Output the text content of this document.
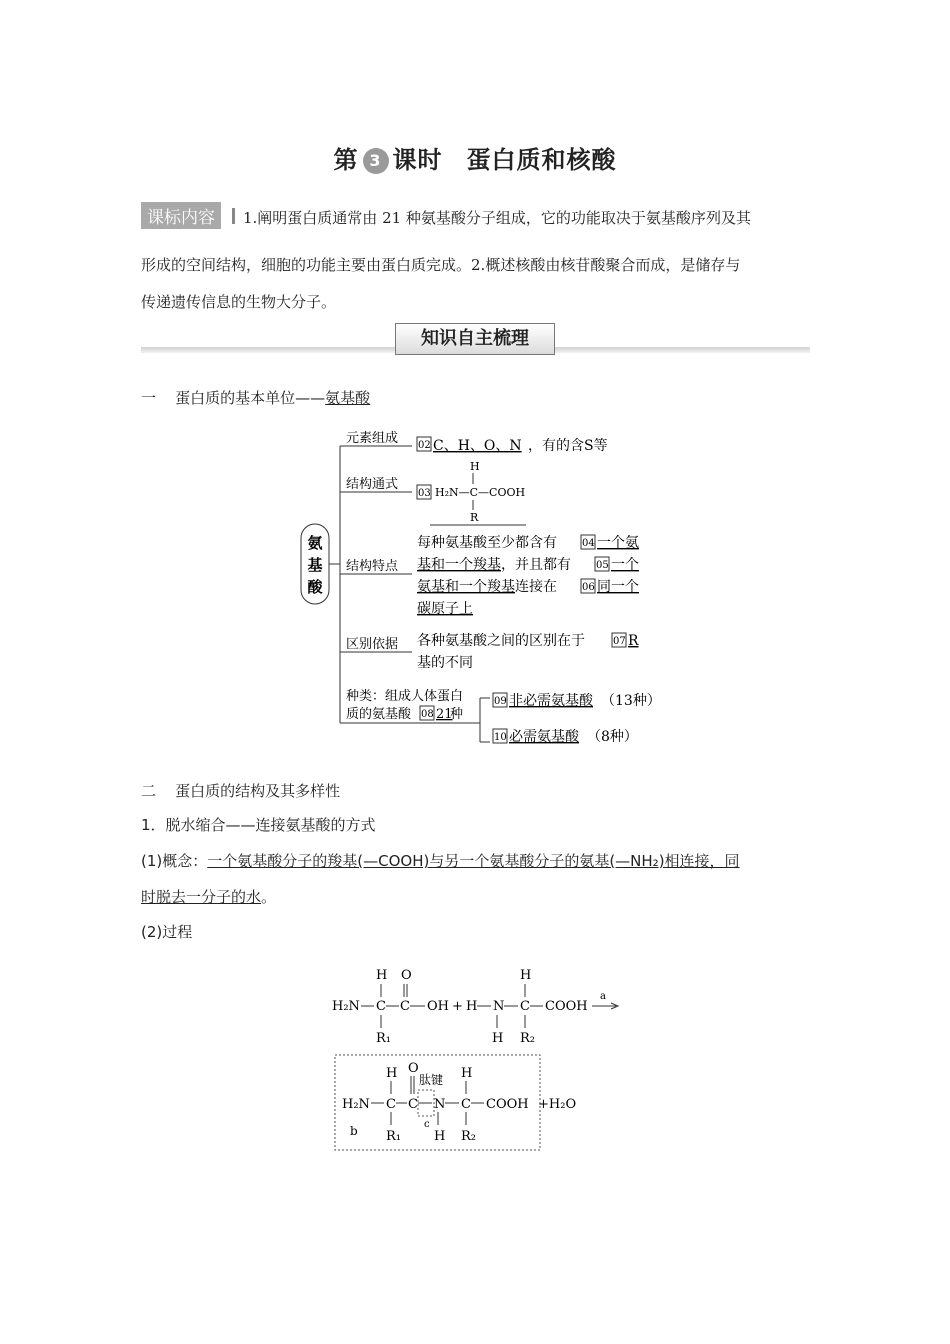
第 3 课时 蛋白质和核酸
课标内容	1.阐明蛋白质通常由 21 种氨基酸分子组成，它的功能取决于氨基酸序列及其
形成的空间结构，细胞的功能主要由蛋白质完成。2.概述核酸由核苷酸聚合而成，是储存与
传递遗传信息的生物大分子。
知识自主梳理
一 蛋白质的基本单位——氨基酸
氨
基
酸
元素组成
结构通式
结构特点
区别依据
种类：组成人体蛋白
02 C、H、O、N ，有的含S等
03
H
H₂N—C—COOH
R
每种氨基酸至少都含有	04 一个氨
基和一个羧基 ，并且都有	05 一个
氨基和一个羧基 连接在	06 同一个
碳原子上
各种氨基酸之间的区别在于	07 R
基的不同
质的氨基酸 08 21
种
09 非必需氨基酸 （13种）
10 必需氨基酸 （8种）
二 蛋白质的结构及其多样性
1．脱水缩合——连接氨基酸的方式
(1)概念：一个氨基酸分子的羧基(—COOH)与另一个氨基酸分子的氨基(—NH₂)相连接，同
时脱去一分子的水。
(2)过程
H O	H
H₂N C C OH + H N C COOH
a
R₁	H R₂
O
肽键
H	H
H₂N C C N C COOH +H₂O
b	c
R₁	H R₂
